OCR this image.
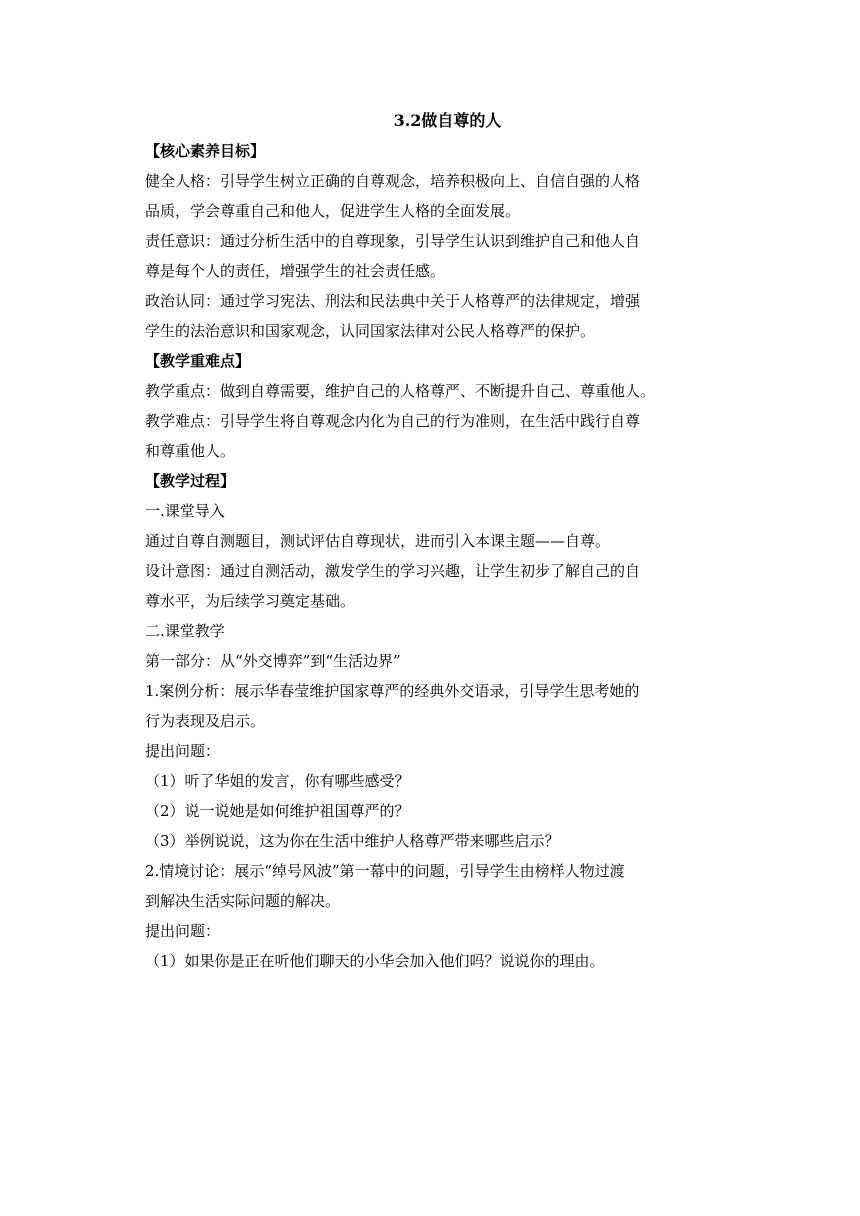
3.2做自尊的人

【核心素养目标】

健全人格：引导学生树立正确的自尊观念，培养积极向上、自信自强的人格

品质，学会尊重自己和他人，促进学生人格的全面发展。

责任意识：通过分析生活中的自尊现象，引导学生认识到维护自己和他人自

尊是每个人的责任，增强学生的社会责任感。

政治认同：通过学习宪法、刑法和民法典中关于人格尊严的法律规定，增强

学生的法治意识和国家观念，认同国家法律对公民人格尊严的保护。

【教学重难点】

教学重点：做到自尊需要，维护自己的人格尊严、不断提升自己、尊重他人。

教学难点：引导学生将自尊观念内化为自己的行为准则，在生活中践行自尊

和尊重他人。

【教学过程】

一.课堂导入

通过自尊自测题目，测试评估自尊现状，进而引入本课主题——自尊。

设计意图：通过自测活动，激发学生的学习兴趣，让学生初步了解自己的自

尊水平，为后续学习奠定基础。

二.课堂教学

第一部分：从“外交博弈”到“生活边界”

1.案例分析：展示华春莹维护国家尊严的经典外交语录，引导学生思考她的

行为表现及启示。

提出问题：

（1）听了华姐的发言，你有哪些感受？

（2）说一说她是如何维护祖国尊严的？

（3）举例说说，这为你在生活中维护人格尊严带来哪些启示？

2.情境讨论：展示“绰号风波”第一幕中的问题，引导学生由榜样人物过渡

到解决生活实际问题的解决。

提出问题：

（1）如果你是正在听他们聊天的小华会加入他们吗？说说你的理由。
